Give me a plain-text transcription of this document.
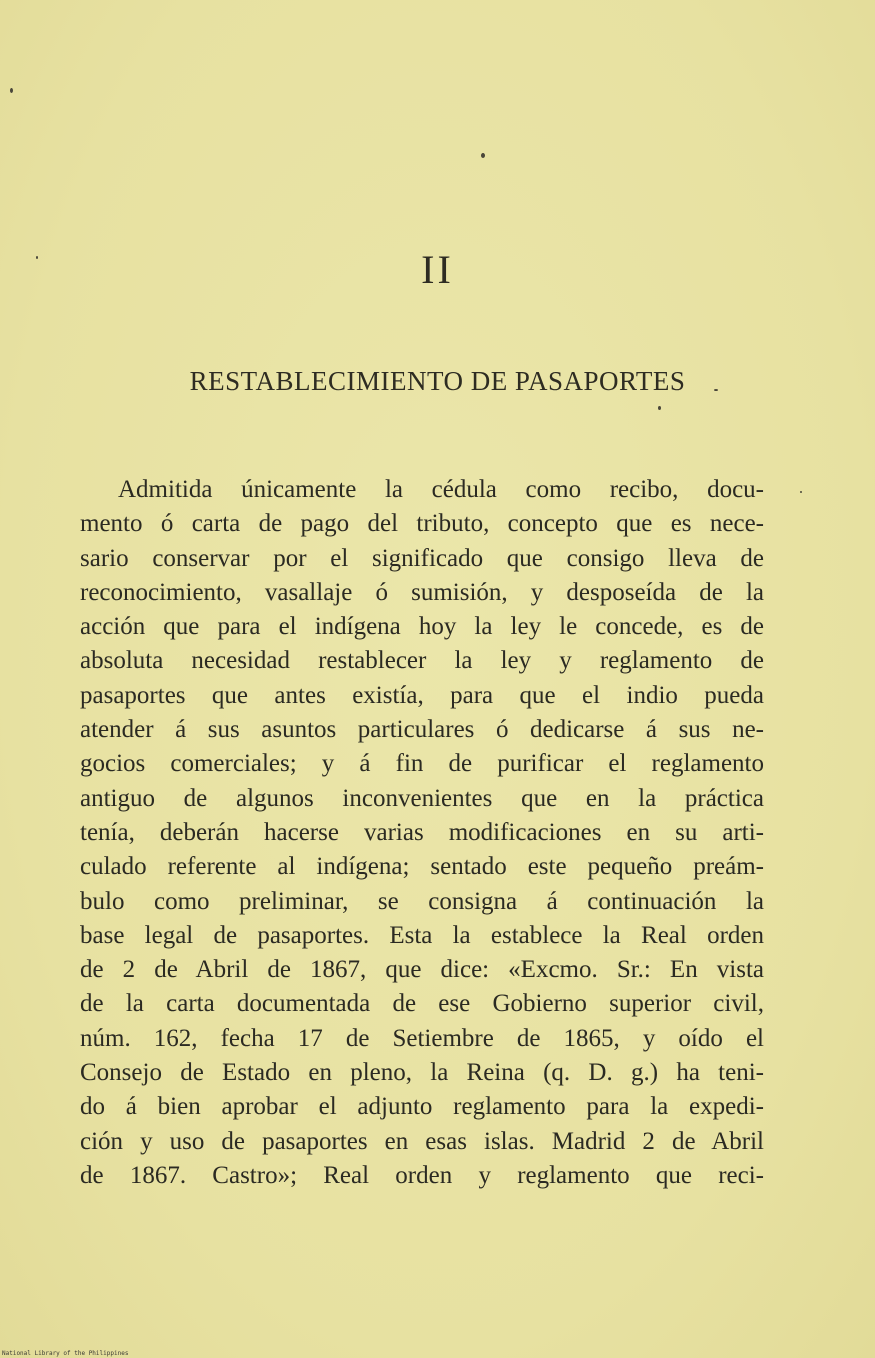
II
RESTABLECIMIENTO DE PASAPORTES
Admitida únicamente la cédula como recibo, docu-
mento ó carta de pago del tributo, concepto que es nece-
sario conservar por el significado que consigo lleva de
reconocimiento, vasallaje ó sumisión, y desposeída de la
acción que para el indígena hoy la ley le concede, es de
absoluta necesidad restablecer la ley y reglamento de
pasaportes que antes existía, para que el indio pueda
atender á sus asuntos particulares ó dedicarse á sus ne-
gocios comerciales; y á fin de purificar el reglamento
antiguo de algunos inconvenientes que en la práctica
tenía, deberán hacerse varias modificaciones en su arti-
culado referente al indígena; sentado este pequeño preám-
bulo como preliminar, se consigna á continuación la
base legal de pasaportes. Esta la establece la Real orden
de 2 de Abril de 1867, que dice: «Excmo. Sr.: En vista
de la carta documentada de ese Gobierno superior civil,
núm. 162, fecha 17 de Setiembre de 1865, y oído el
Consejo de Estado en pleno, la Reina (q. D. g.) ha teni-
do á bien aprobar el adjunto reglamento para la expedi-
ción y uso de pasaportes en esas islas. Madrid 2 de Abril
de 1867. Castro»; Real orden y reglamento que reci-
National Library of the Philippines
